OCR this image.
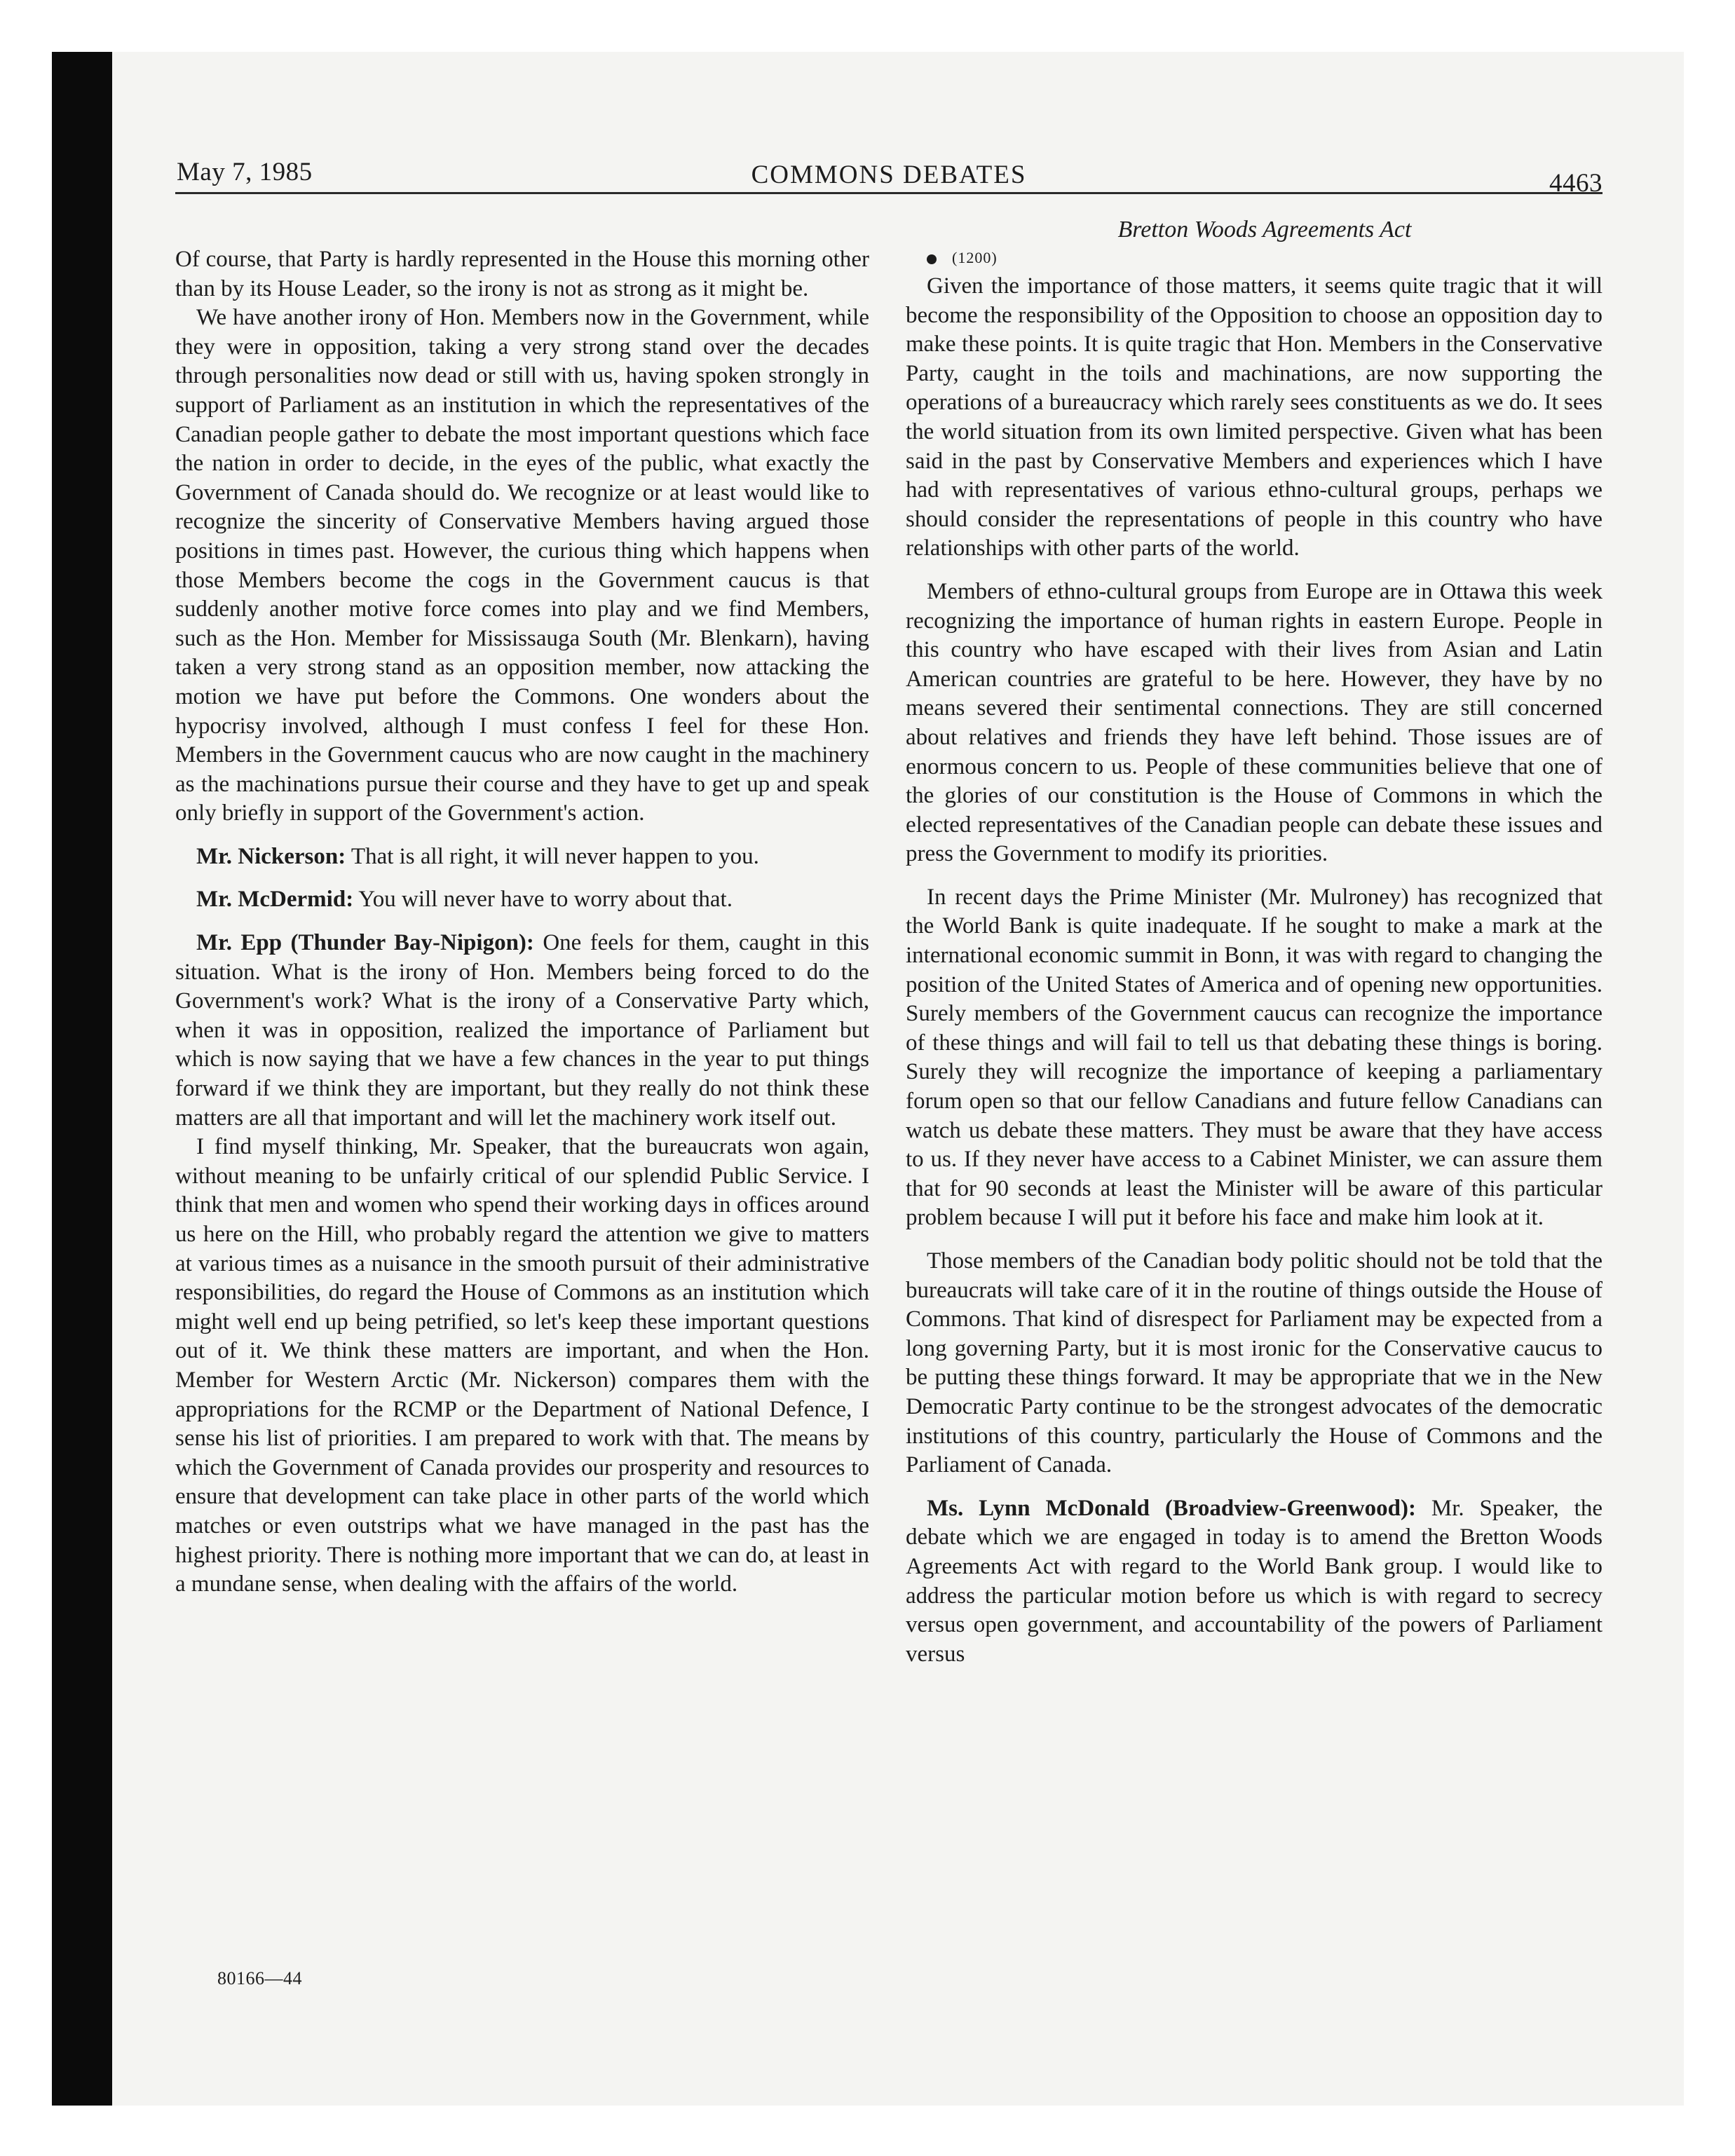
May 7, 1985	COMMONS DEBATES	4463

Of course, that Party is hardly represented in the House this morning other than by its House Leader, so the irony is not as strong as it might be.

We have another irony of Hon. Members now in the Government, while they were in opposition, taking a very strong stand over the decades through personalities now dead or still with us, having spoken strongly in support of Parliament as an institution in which the representatives of the Canadian people gather to debate the most important questions which face the nation in order to decide, in the eyes of the public, what exactly the Government of Canada should do. We recognize or at least would like to recognize the sincerity of Conservative Members having argued those positions in times past. However, the curious thing which happens when those Members become the cogs in the Government caucus is that suddenly another motive force comes into play and we find Members, such as the Hon. Member for Mississauga South (Mr. Blenkarn), having taken a very strong stand as an opposition member, now attacking the motion we have put before the Commons. One wonders about the hypocrisy involved, although I must confess I feel for these Hon. Members in the Government caucus who are now caught in the machinery as the machinations pursue their course and they have to get up and speak only briefly in support of the Government's action.

Mr. Nickerson: That is all right, it will never happen to you.

Mr. McDermid: You will never have to worry about that.

Mr. Epp (Thunder Bay-Nipigon): One feels for them, caught in this situation. What is the irony of Hon. Members being forced to do the Government's work? What is the irony of a Conservative Party which, when it was in opposition, realized the importance of Parliament but which is now saying that we have a few chances in the year to put things forward if we think they are important, but they really do not think these matters are all that important and will let the machinery work itself out.

I find myself thinking, Mr. Speaker, that the bureaucrats won again, without meaning to be unfairly critical of our splendid Public Service. I think that men and women who spend their working days in offices around us here on the Hill, who probably regard the attention we give to matters at various times as a nuisance in the smooth pursuit of their administrative responsibilities, do regard the House of Commons as an institution which might well end up being petrified, so let's keep these important questions out of it. We think these matters are important, and when the Hon. Member for Western Arctic (Mr. Nickerson) compares them with the appropriations for the RCMP or the Department of National Defence, I sense his list of priorities. I am prepared to work with that. The means by which the Government of Canada provides our prosperity and resources to ensure that development can take place in other parts of the world which matches or even outstrips what we have managed in the past has the highest priority. There is nothing more important that we can do, at least in a mundane sense, when dealing with the affairs of the world.

Bretton Woods Agreements Act

(1200)

Given the importance of those matters, it seems quite tragic that it will become the responsibility of the Opposition to choose an opposition day to make these points. It is quite tragic that Hon. Members in the Conservative Party, caught in the toils and machinations, are now supporting the operations of a bureaucracy which rarely sees constituents as we do. It sees the world situation from its own limited perspective. Given what has been said in the past by Conservative Members and experiences which I have had with representatives of various ethno-cultural groups, perhaps we should consider the representations of people in this country who have relationships with other parts of the world.

Members of ethno-cultural groups from Europe are in Ottawa this week recognizing the importance of human rights in eastern Europe. People in this country who have escaped with their lives from Asian and Latin American countries are grateful to be here. However, they have by no means severed their sentimental connections. They are still concerned about relatives and friends they have left behind. Those issues are of enormous concern to us. People of these communities believe that one of the glories of our constitution is the House of Commons in which the elected representatives of the Canadian people can debate these issues and press the Government to modify its priorities.

In recent days the Prime Minister (Mr. Mulroney) has recognized that the World Bank is quite inadequate. If he sought to make a mark at the international economic summit in Bonn, it was with regard to changing the position of the United States of America and of opening new opportunities. Surely members of the Government caucus can recognize the importance of these things and will fail to tell us that debating these things is boring. Surely they will recognize the importance of keeping a parliamentary forum open so that our fellow Canadians and future fellow Canadians can watch us debate these matters. They must be aware that they have access to us. If they never have access to a Cabinet Minister, we can assure them that for 90 seconds at least the Minister will be aware of this particular problem because I will put it before his face and make him look at it.

Those members of the Canadian body politic should not be told that the bureaucrats will take care of it in the routine of things outside the House of Commons. That kind of disrespect for Parliament may be expected from a long governing Party, but it is most ironic for the Conservative caucus to be putting these things forward. It may be appropriate that we in the New Democratic Party continue to be the strongest advocates of the democratic institutions of this country, particularly the House of Commons and the Parliament of Canada.

Ms. Lynn McDonald (Broadview-Greenwood): Mr. Speaker, the debate which we are engaged in today is to amend the Bretton Woods Agreements Act with regard to the World Bank group. I would like to address the particular motion before us which is with regard to secrecy versus open government, and accountability of the powers of Parliament versus

80166—44
